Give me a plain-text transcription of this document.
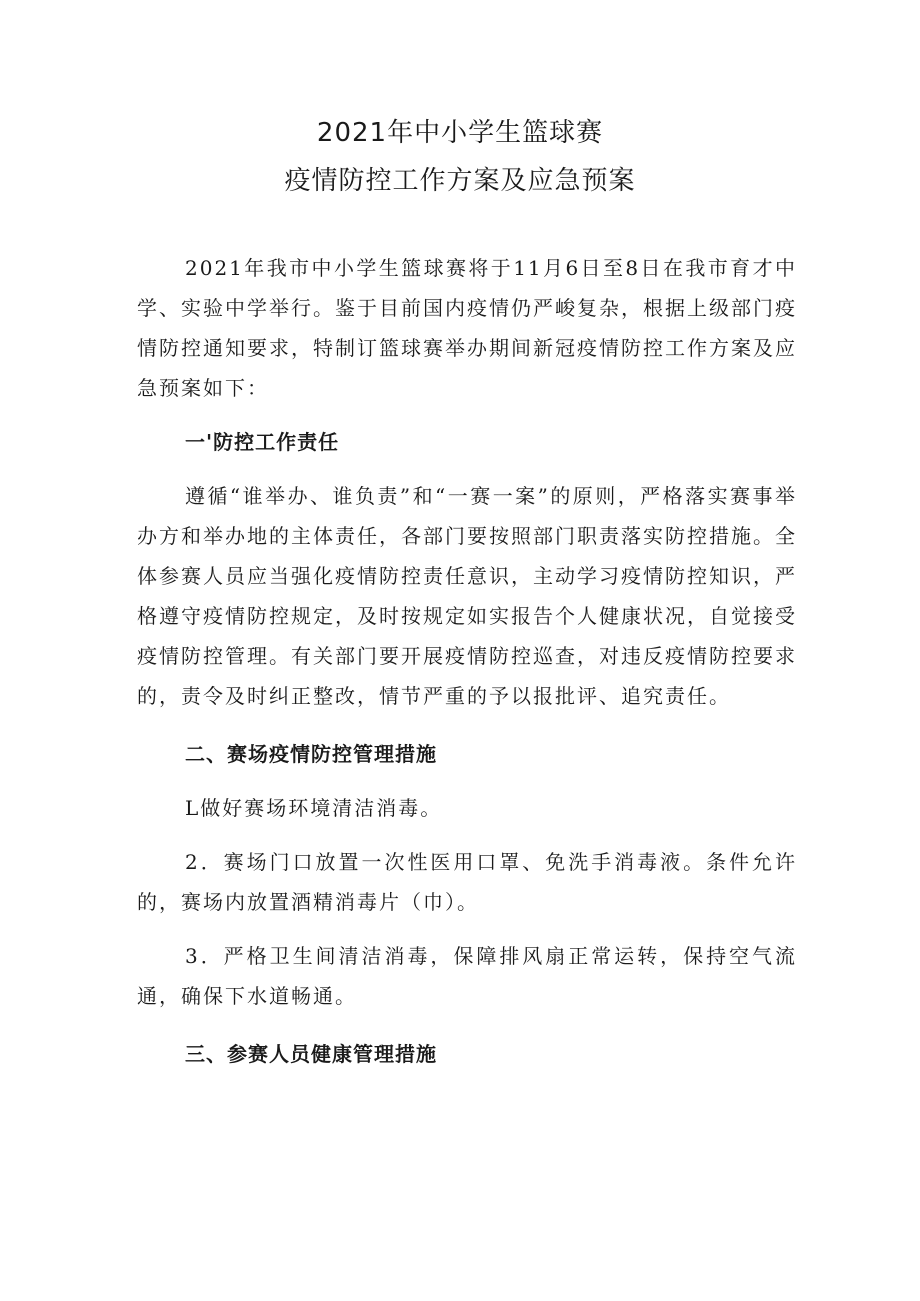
2021年中小学生篮球赛
疫情防控工作方案及应急预案

2021年我市中小学生篮球赛将于11月6日至8日在我市育才中学、实验中学举行。鉴于目前国内疫情仍严峻复杂，根据上级部门疫情防控通知要求，特制订篮球赛举办期间新冠疫情防控工作方案及应急预案如下：

一'防控工作责任

遵循“谁举办、谁负责”和“一赛一案”的原则，严格落实赛事举办方和举办地的主体责任，各部门要按照部门职责落实防控措施。全体参赛人员应当强化疫情防控责任意识，主动学习疫情防控知识，严格遵守疫情防控规定，及时按规定如实报告个人健康状况，自觉接受疫情防控管理。有关部门要开展疫情防控巡查，对违反疫情防控要求的，责令及时纠正整改，情节严重的予以报批评、追究责任。

二、赛场疫情防控管理措施

L做好赛场环境清洁消毒。

2．赛场门口放置一次性医用口罩、免洗手消毒液。条件允许的，赛场内放置酒精消毒片（巾）。

3．严格卫生间清洁消毒，保障排风扇正常运转，保持空气流通，确保下水道畅通。

三、参赛人员健康管理措施
